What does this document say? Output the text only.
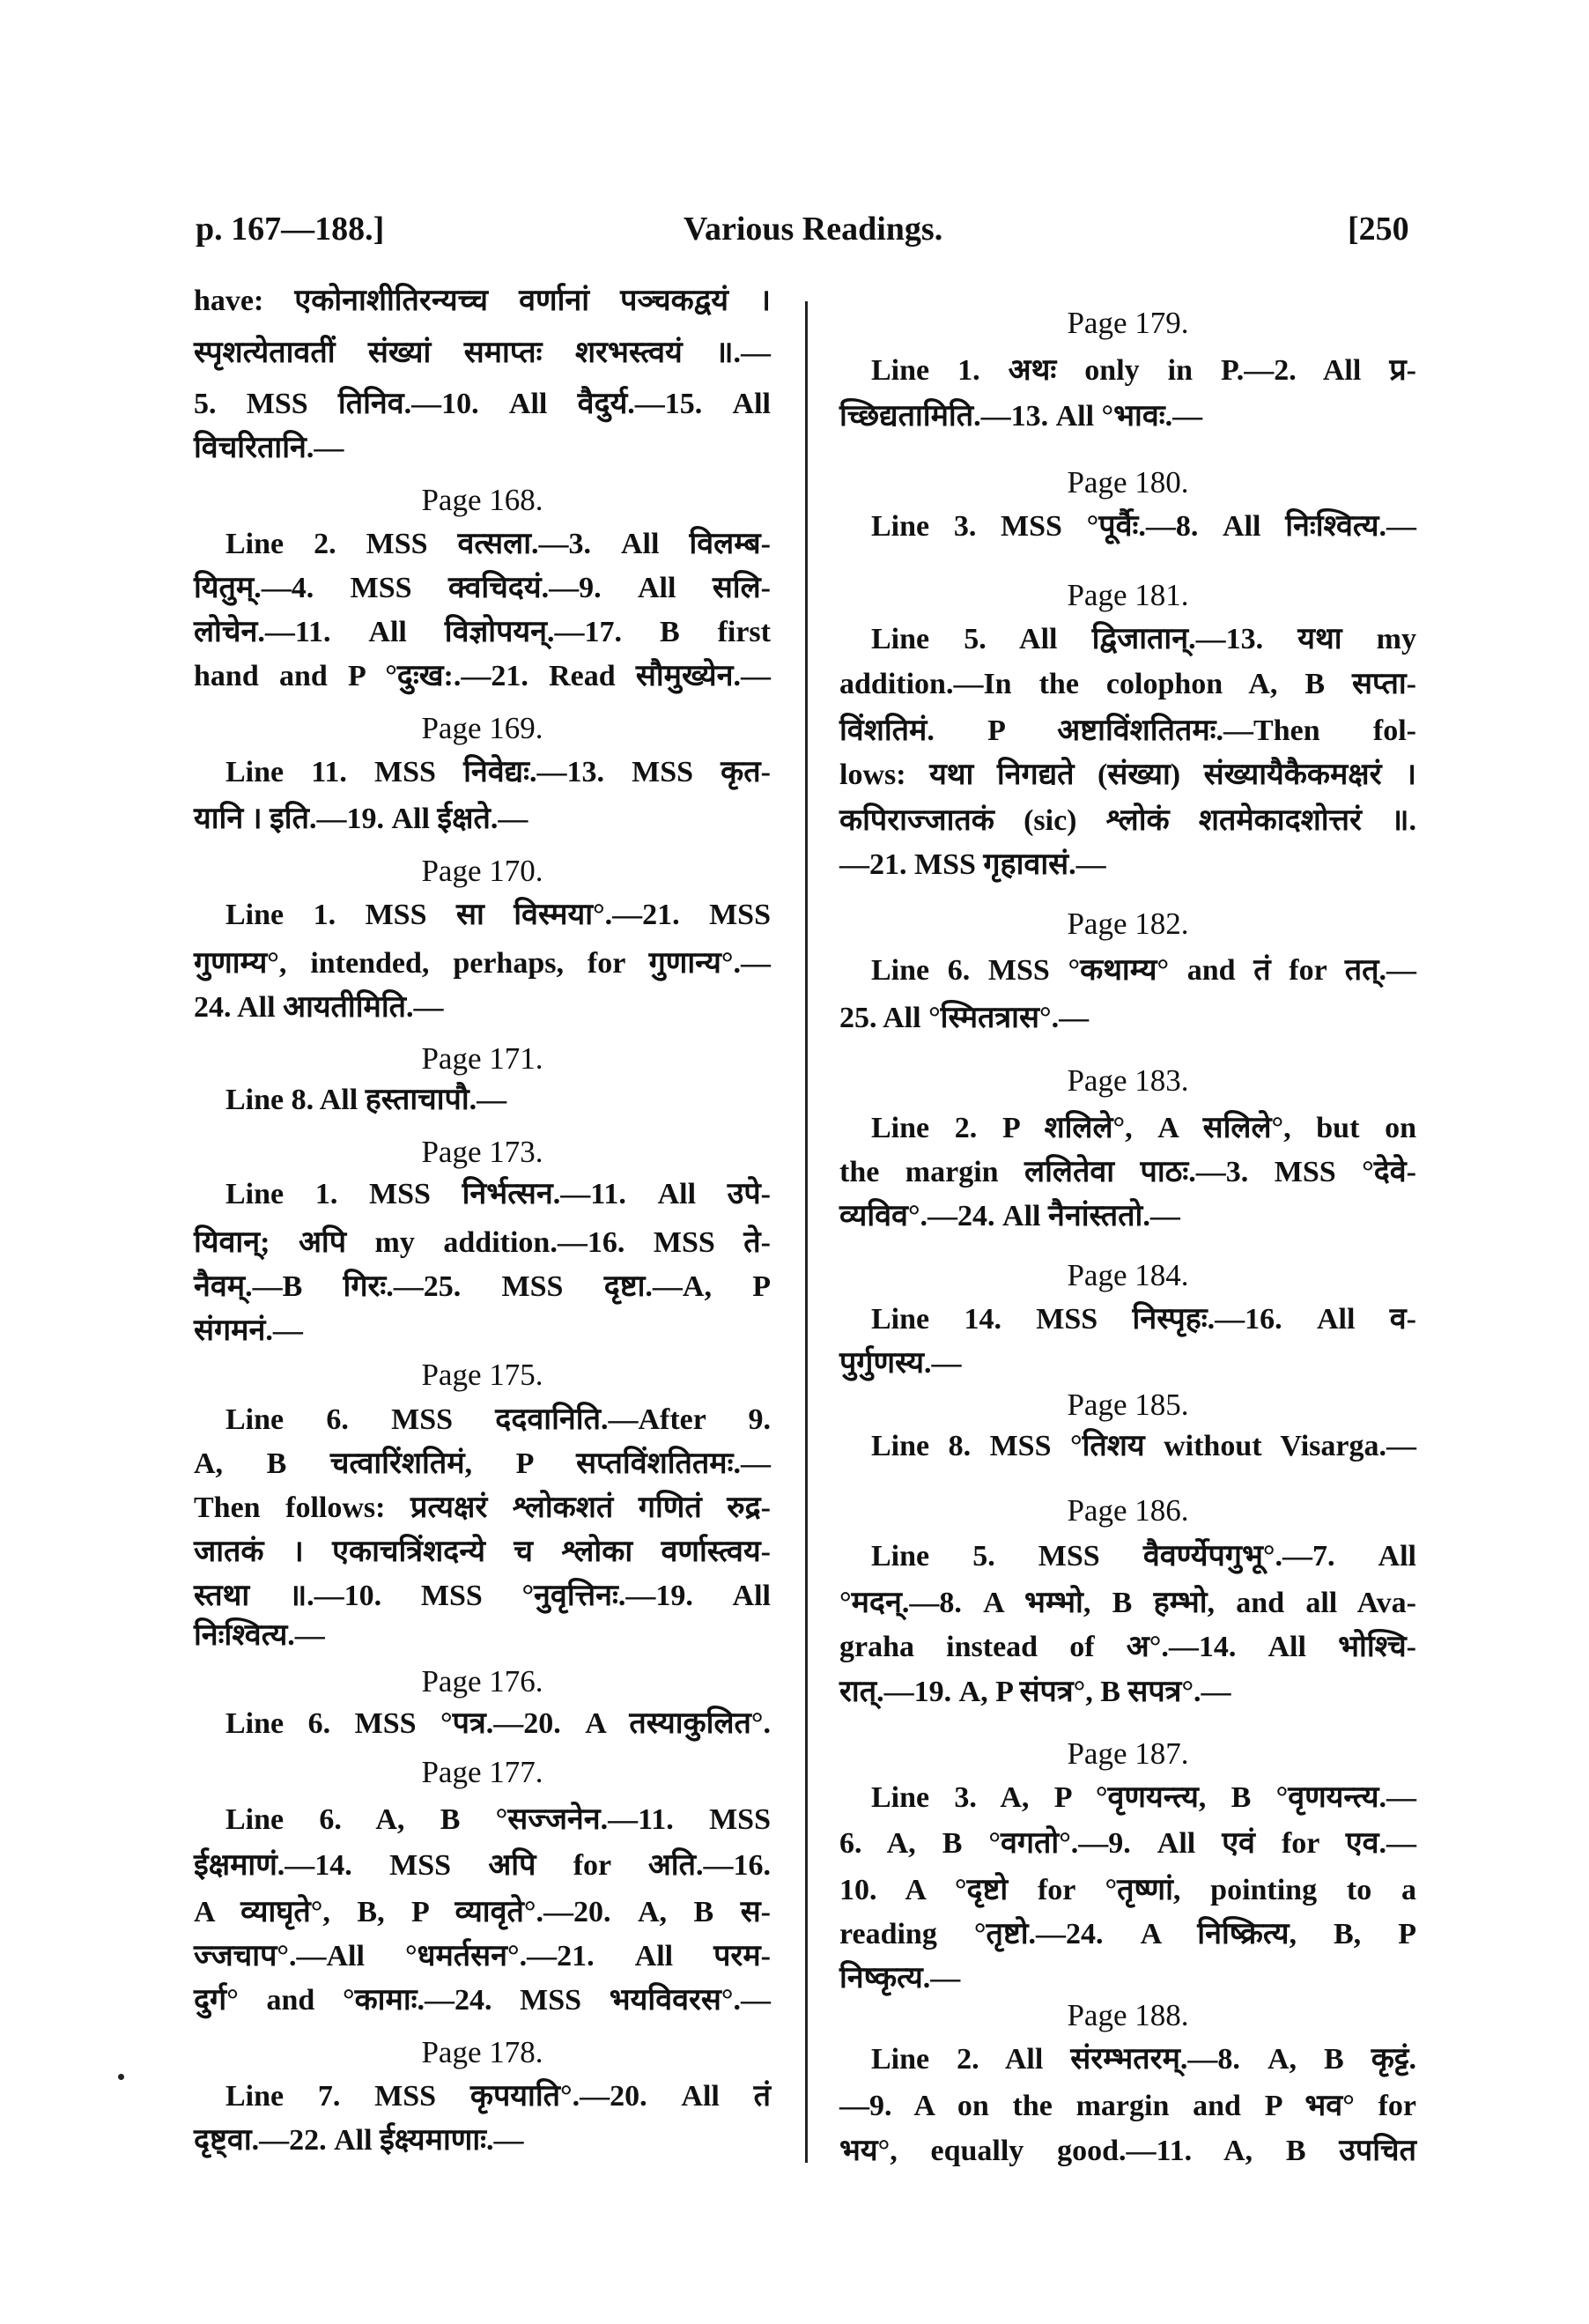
p. 167—188.]	Various Readings.	[250
have: एकोनाशीतिरन्यच्च वर्णानां पञ्चकद्वयं ।
स्पृशत्येतावतीं संख्यां समाप्तः शरभस्त्वयं ॥.—
5. MSS तिनिव.—10. All वैदुर्य.—15. All
विचरितानि.—
Page 168.
Line 2. MSS वत्सला.—3. All विलम्ब-
यितुम्.—4. MSS क्वचिदयं.—9. All सलि-
लोचेन.—11. All विज्ञोपयन्.—17. B first
hand and P °दुःख:.—21. Read सौमुख्येन.—
Page 169.
Line 11. MSS निवेद्यः.—13. MSS कृत-
यानि । इति.—19. All ईक्षते.—
Page 170.
Line 1. MSS सा विस्मया°.—21. MSS
गुणाम्य°, intended, perhaps, for गुणान्य°.—
24. All आयतीमिति.—
Page 171.
Line 8. All हस्ताचापौ.—
Page 173.
Line 1. MSS निर्भत्सन.—11. All उपे-
यिवान्; अपि my addition.—16. MSS ते-
नैवम्.—B गिरः.—25. MSS दृष्टा.—A, P
संगमनं.—
Page 175.
Line 6. MSS ददवानिति.—After 9.
A, B चत्वारिंशतिमं, P सप्तविंशतितमः.—
Then follows: प्रत्यक्षरं श्लोकशतं गणितं रुद्र-
जातकं । एकाचत्रिंशदन्ये च श्लोका वर्णास्त्वय-
स्तथा ॥.—10. MSS °नुवृत्तिनः.—19. All
निःश्वित्य.—
Page 176.
Line 6. MSS °पत्र.—20. A तस्याकुलित°.
Page 177.
Line 6. A, B °सज्जनेन.—11. MSS
ईक्षमाणं.—14. MSS अपि for अति.—16.
A व्याघृते°, B, P व्यावृते°.—20. A, B स-
ज्जचाप°.—All °धमर्तसन°.—21. All परम-
दुर्ग° and °कामाः.—24. MSS भयविवरस°.—
Page 178.
Line 7. MSS कृपयाति°.—20. All तं
दृष्ट्वा.—22. All ईक्ष्यमाणाः.—
Page 179.
Line 1. अथः only in P.—2. All प्र-
च्छिद्यतामिति.—13. All °भावः.—
Page 180.
Line 3. MSS °पूर्वैः.—8. All निःश्वित्य.—
Page 181.
Line 5. All द्विजातान्.—13. यथा my
addition.—In the colophon A, B सप्ता-
विंशतिमं. P अष्टाविंशतितमः.—Then fol-
lows: यथा निगद्यते (संख्या) संख्यायैकैकमक्षरं ।
कपिराज्जातकं (sic) श्लोकं शतमेकादशोत्तरं ॥.
—21. MSS गृहावासं.—
Page 182.
Line 6. MSS °कथाम्य° and तं for तत्.—
25. All °स्मितत्रास°.—
Page 183.
Line 2. P शलिले°, A सलिले°, but on
the margin ललितेवा पाठः.—3. MSS °देवे-
व्यविव°.—24. All नैनांस्ततो.—
Page 184.
Line 14. MSS निस्पृहः.—16. All व-
पुर्गुणस्य.—
Page 185.
Line 8. MSS °तिशय without Visarga.—
Page 186.
Line 5. MSS वैवर्ण्येपगुभू°.—7. All
°मदन्.—8. A भम्भो, B हम्भो, and all Ava-
graha instead of अ°.—14. All भोश्चि-
रात्.—19. A, P संपत्र°, B सपत्र°.—
Page 187.
Line 3. A, P °वृणयन्त्य, B °वृणयन्त्य.—
6. A, B °वगतो°.—9. All एवं for एव.—
10. A °दृष्टो for °तृष्णां, pointing to a
reading °तृष्टो.—24. A निष्क्रित्य, B, P
निष्कृत्य.—
Page 188.
Line 2. All संरम्भतरम्.—8. A, B कृट्टं.
—9. A on the margin and P भव° for
भय°, equally good.—11. A, B उपचित
